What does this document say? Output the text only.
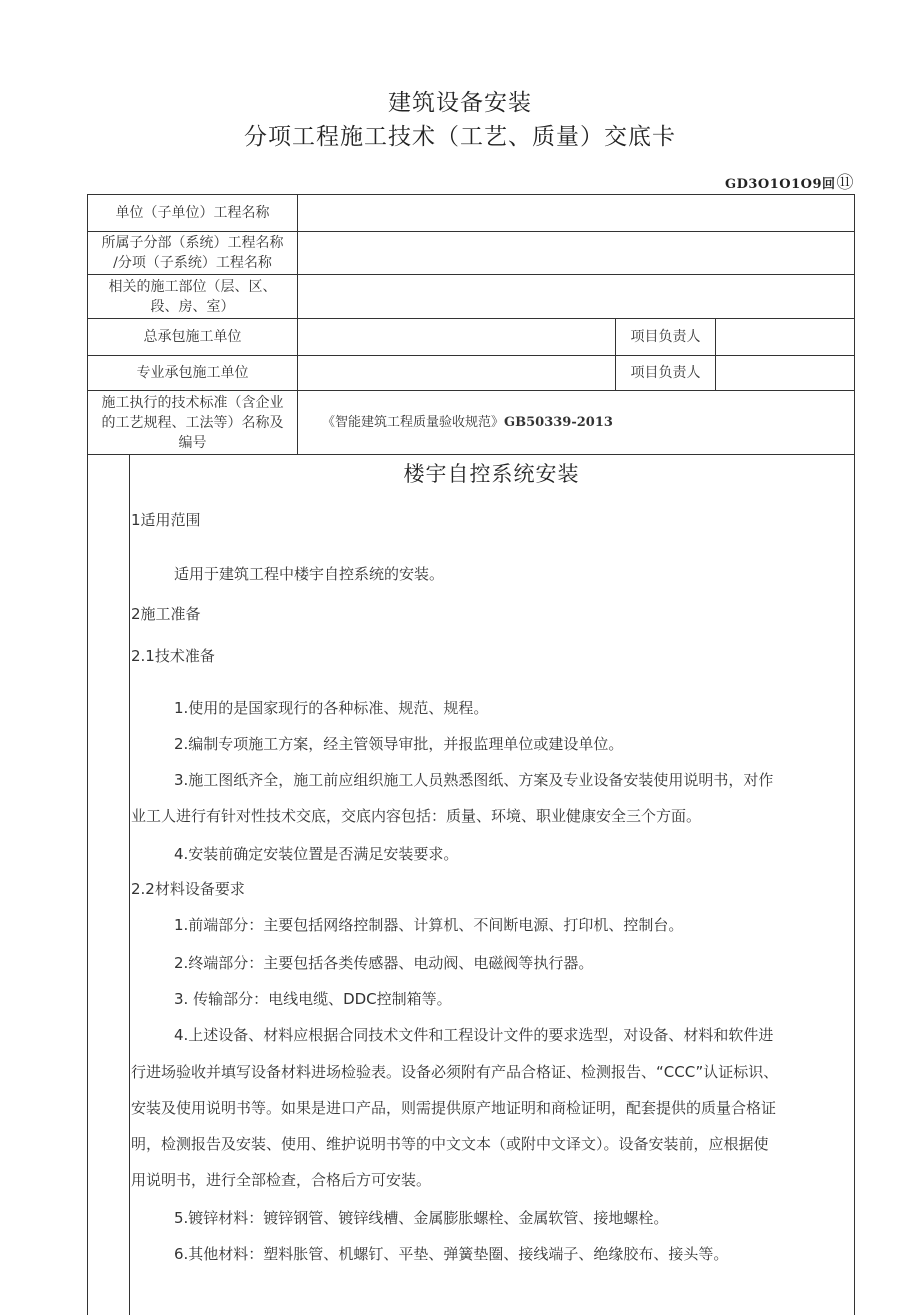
建筑设备安装
分项工程施工技术（工艺、质量）交底卡
GD3O1O1O9回⑪
单位（子单位）工程名称			

所属子分部（系统）工程名称
/分项（子系统）工程名称			

相关的施工部位（层、区、
段、房、室）			

总承包施工单位		项目负责人	
专业承包施工单位		项目负责人	

施工执行的技术标准（含企业
的工艺规程、工法等）名称及
编号	《智能建筑工程质量验收规范》GB50339-2013		
楼宇自控系统安装
1适用范围
适用于建筑工程中楼宇自控系统的安装。
2施工准备
2.1技术准备
1.使用的是国家现行的各种标准、规范、规程。
2.编制专项施工方案，经主管领导审批，并报监理单位或建设单位。
3.施工图纸齐全，施工前应组织施工人员熟悉图纸、方案及专业设备安装使用说明书，对作
业工人进行有针对性技术交底，交底内容包括：质量、环境、职业健康安全三个方面。
4.安装前确定安装位置是否满足安装要求。
2.2材料设备要求
1.前端部分：主要包括网络控制器、计算机、不间断电源、打印机、控制台。
2.终端部分：主要包括各类传感器、电动阀、电磁阀等执行器。
3. 传输部分：电线电缆、DDC控制箱等。
4.上述设备、材料应根据合同技术文件和工程设计文件的要求选型，对设备、材料和软件进
行进场验收并填写设备材料进场检验表。设备必须附有产品合格证、检测报告、“CCC”认证标识、
安装及使用说明书等。如果是进口产品，则需提供原产地证明和商检证明，配套提供的质量合格证
明，检测报告及安装、使用、维护说明书等的中文文本（或附中文译文）。设备安装前，应根据使
用说明书，进行全部检查，合格后方可安装。
5.镀锌材料：镀锌钢管、镀锌线槽、金属膨胀螺栓、金属软管、接地螺栓。
6.其他材料：塑料胀管、机螺钉、平垫、弹簧垫圈、接线端子、绝缘胶布、接头等。
